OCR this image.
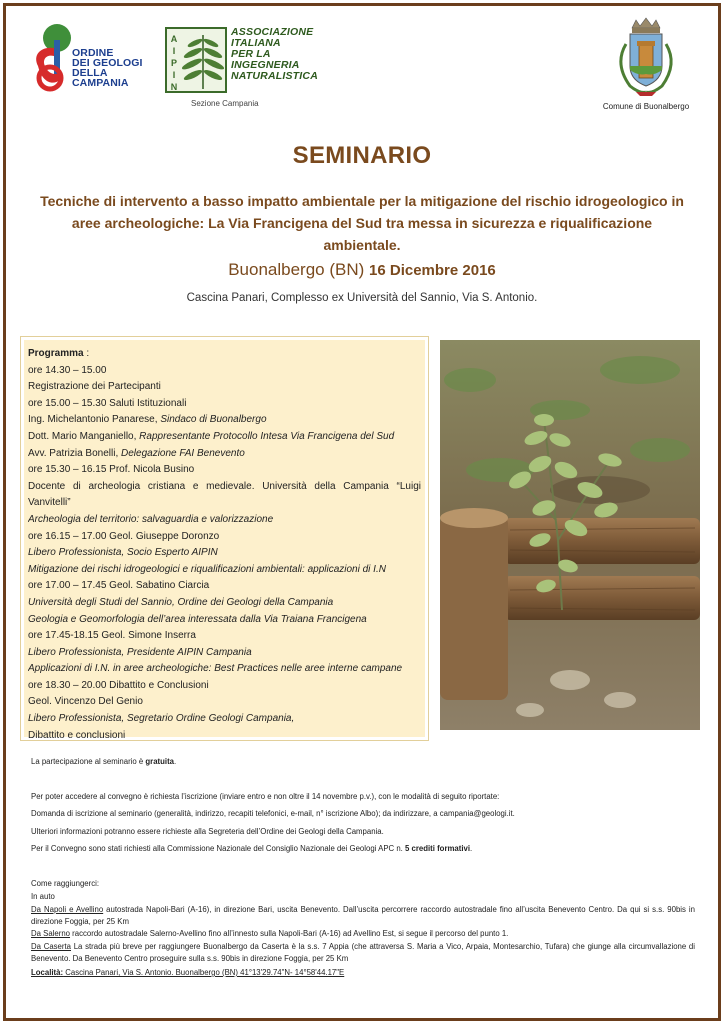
ORDINE
DEI GEOLOGI
DELLA
CAMPANIA
A
I
P
I
N
ASSOCIAZIONE
ITALIANA
PER LA
INGEGNERIA
NATURALISTICA
Sezione Campania	Comune di Buonalbergo
SEMINARIO
Tecniche di intervento a basso impatto ambientale per la mitigazione del rischio idrogeologico in aree archeologiche: La Via Francigena del Sud tra messa in sicurezza e riqualificazione ambientale.
Buonalbergo (BN) 16 Dicembre 2016
Cascina Panari, Complesso ex Università del Sannio, Via S. Antonio.
Programma :
ore 14.30 – 15.00
Registrazione dei Partecipanti
ore 15.00 – 15.30 Saluti Istituzionali
Ing. Michelantonio Panarese, Sindaco di Buonalbergo
Dott. Mario Manganiello, Rappresentante Protocollo Intesa Via Francigena del Sud
Avv. Patrizia Bonelli, Delegazione FAI Benevento
ore 15.30 – 16.15 Prof. Nicola Busino
Docente di archeologia cristiana e medievale. Università della Campania “Luigi Vanvitelli”
Archeologia del territorio: salvaguardia e valorizzazione
ore 16.15 – 17.00 Geol. Giuseppe Doronzo
Libero Professionista, Socio Esperto AIPIN
Mitigazione dei rischi idrogeologici e riqualificazioni ambientali: applicazioni di I.N
ore 17.00 – 17.45 Geol. Sabatino Ciarcia
Università degli Studi del Sannio, Ordine dei Geologi della Campania
Geologia e Geomorfologia dell’area interessata dalla Via Traiana Francigena
ore 17.45-18.15 Geol. Simone Inserra
Libero Professionista, Presidente AIPIN Campania
Applicazioni di I.N. in aree archeologiche: Best Practices nelle aree interne campane
ore 18.30 – 20.00 Dibattito e Conclusioni
Geol. Vincenzo Del Genio
Libero Professionista, Segretario Ordine Geologi Campania,
Dibattito e conclusioni
La partecipazione al seminario è gratuita.
Per poter accedere al convegno è richiesta l’iscrizione (inviare entro e non oltre il 14 novembre p.v.), con le modalità di seguito riportate:
Domanda di iscrizione al seminario (generalità, indirizzo, recapiti telefonici, e-mail, n° iscrizione Albo); da indirizzare, a campania@geologi.it.
Ulteriori informazioni potranno essere richieste alla Segreteria dell’Ordine dei Geologi della Campania.
Per il Convegno sono stati richiesti alla Commissione Nazionale del Consiglio Nazionale dei Geologi APC n. 5 crediti formativi.
Come raggiungerci:
In auto
Da Napoli e Avellino autostrada Napoli-Bari (A-16), in direzione Bari, uscita Benevento. Dall’uscita percorrere raccordo autostradale fino all’uscita Benevento Centro. Da qui si s.s. 90bis in direzione Foggia, per 25 Km
Da Salerno raccordo autostradale Salerno-Avellino fino all’innesto sulla Napoli-Bari (A-16) ad Avellino Est, si segue il percorso del punto 1.
Da Caserta La strada più breve per raggiungere Buonalbergo da Caserta è la s.s. 7 Appia (che attraversa S. Maria a Vico, Arpaia, Montesarchio, Tufara) che giunge alla circumvallazione di Benevento. Da Benevento Centro proseguire sulla s.s. 90bis in direzione Foggia, per 25 Km
Località: Cascina Panari, Via S. Antonio. Buonalbergo (BN) 41°13'29.74"N- 14°58'44.17"E
